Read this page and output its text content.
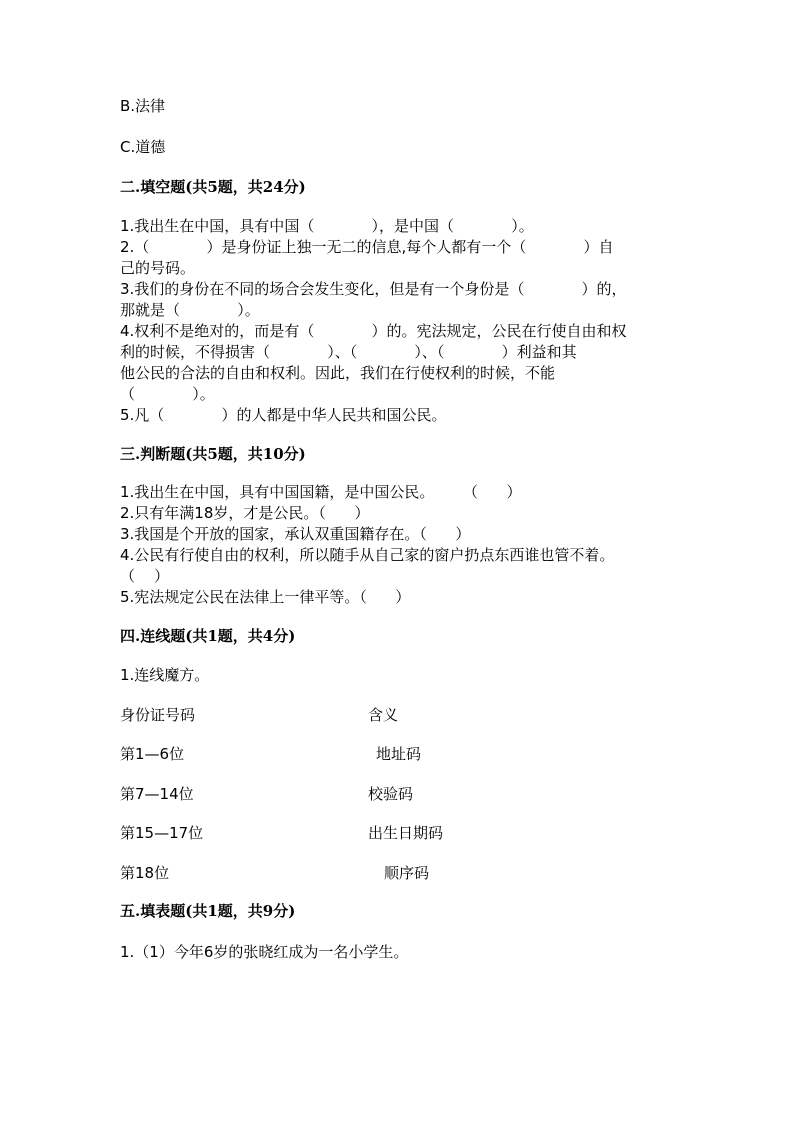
B.法律
C.道德
二.填空题(共5题，共24分)
1.我出生在中国，具有中国（            ），是中国（            ）。
2.（            ）是身份证上独一无二的信息,每个人都有一个（            ）自
己的号码。
3.我们的身份在不同的场合会发生变化，但是有一个身份是（            ）的，
那就是（            ）。
4.权利不是绝对的，而是有（            ）的。宪法规定，公民在行使自由和权
利的时候，不得损害（            ）、（            ）、（            ）利益和其
他公民的合法的自由和权利。因此，我们在行使权利的时候，不能
（            ）。
5.凡（            ）的人都是中华人民共和国公民。
三.判断题(共5题，共10分)
1.我出生在中国，具有中国国籍，是中国公民。      （      ）
2.只有年满18岁，才是公民。（      ）
3.我国是个开放的国家，承认双重国籍存在。（      ）
4.公民有行使自由的权利，所以随手从自己家的窗户扔点东西谁也管不着。
（    ）
5.宪法规定公民在法律上一律平等。（      ）
四.连线题(共1题，共4分)
1.连线魔方。
身份证号码	含义
第1—6位	地址码
第7—14位	校验码
第15—17位	出生日期码
第18位	顺序码
五.填表题(共1题，共9分)
1.（1）今年6岁的张晓红成为一名小学生。
